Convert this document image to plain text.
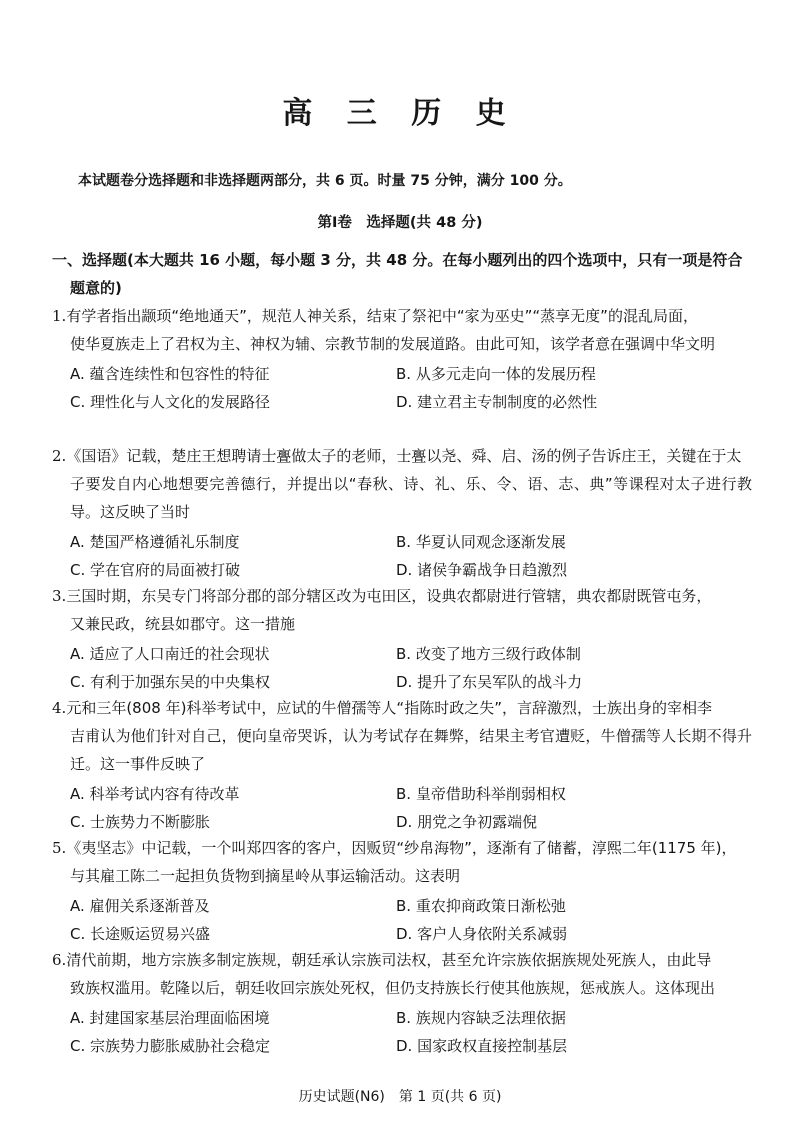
高 三 历 史
本试题卷分选择题和非选择题两部分，共 6 页。时量 75 分钟，满分 100 分。
第Ⅰ卷　选择题(共 48 分)
一、选择题(本大题共 16 小题，每小题 3 分，共 48 分。在每小题列出的四个选项中，只有一项是符合
题意的)

1.有学者指出颛顼“绝地通天”，规范人神关系，结束了祭祀中“家为巫史”“蒸享无度”的混乱局面，
使华夏族走上了君权为主、神权为辅、宗教节制的发展道路。由此可知，该学者意在强调中华文明

A. 蕴含连续性和包容性的特征	B. 从多元走向一体的发展历程
C. 理性化与人文化的发展路径	D. 建立君主专制制度的必然性

2.《国语》记载，楚庄王想聘请士亹做太子的老师，士亹以尧、舜、启、汤的例子告诉庄王，关键在于太
子要发自内心地想要完善德行，并提出以“春秋、诗、礼、乐、令、语、志、典”等课程对太子进行教导。这反映了当时

A. 楚国严格遵循礼乐制度	B. 华夏认同观念逐渐发展
C. 学在官府的局面被打破	D. 诸侯争霸战争日趋激烈

3.三国时期，东吴专门将部分郡的部分辖区改为屯田区，设典农都尉进行管辖，典农都尉既管屯务，
又兼民政，统县如郡守。这一措施

A. 适应了人口南迁的社会现状	B. 改变了地方三级行政体制
C. 有利于加强东吴的中央集权	D. 提升了东吴军队的战斗力

4.元和三年(808 年)科举考试中，应试的牛僧孺等人“指陈时政之失”，言辞激烈，士族出身的宰相李
吉甫认为他们针对自己，便向皇帝哭诉，认为考试存在舞弊，结果主考官遭贬，牛僧孺等人长期不得升迁。这一事件反映了

A. 科举考试内容有待改革	B. 皇帝借助科举削弱相权
C. 士族势力不断膨胀	D. 朋党之争初露端倪

5.《夷坚志》中记载，一个叫郑四客的客户，因贩贸“纱帛海物”，逐渐有了储蓄，淳熙二年(1175 年)，
与其雇工陈二一起担负货物到摘星岭从事运输活动。这表明

A. 雇佣关系逐渐普及	B. 重农抑商政策日渐松弛
C. 长途贩运贸易兴盛	D. 客户人身依附关系减弱

6.清代前期，地方宗族多制定族规，朝廷承认宗族司法权，甚至允许宗族依据族规处死族人，由此导
致族权滥用。乾隆以后，朝廷收回宗族处死权，但仍支持族长行使其他族规，惩戒族人。这体现出

A. 封建国家基层治理面临困境	B. 族规内容缺乏法理依据
C. 宗族势力膨胀威胁社会稳定	D. 国家政权直接控制基层
历史试题(N6)　第 1 页(共 6 页)
